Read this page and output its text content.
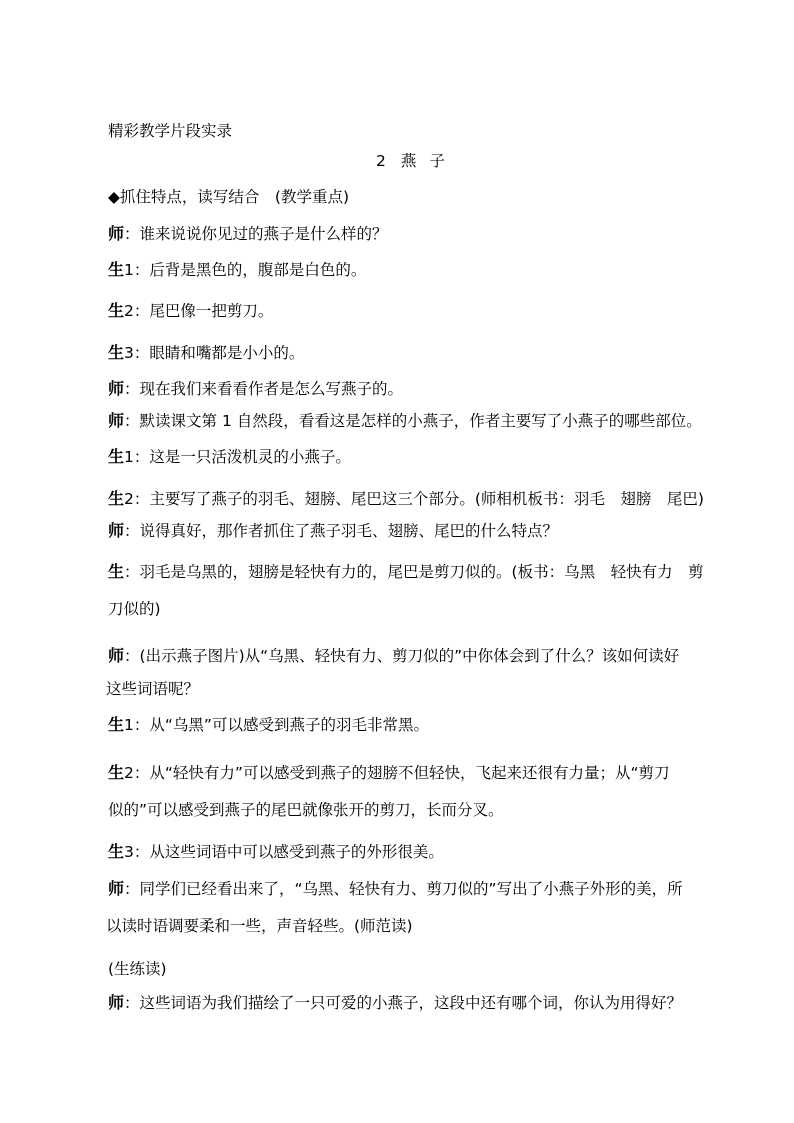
精彩教学片段实录
2 燕 子
◆抓住特点，读写结合　(教学重点)
师：谁来说说你见过的燕子是什么样的？
生1：后背是黑色的，腹部是白色的。
生2：尾巴像一把剪刀。
生3：眼睛和嘴都是小小的。
师：现在我们来看看作者是怎么写燕子的。
师：默读课文第 1 自然段，看看这是怎样的小燕子，作者主要写了小燕子的哪些部位。
生1：这是一只活泼机灵的小燕子。
生2：主要写了燕子的羽毛、翅膀、尾巴这三个部分。(师相机板书：羽毛　翅膀　尾巴)
师：说得真好，那作者抓住了燕子羽毛、翅膀、尾巴的什么特点？
生：羽毛是乌黑的，翅膀是轻快有力的，尾巴是剪刀似的。(板书：乌黑　轻快有力　剪
刀似的)
师：(出示燕子图片)从“乌黑、轻快有力、剪刀似的”中你体会到了什么？该如何读好
这些词语呢？
生1：从“乌黑”可以感受到燕子的羽毛非常黑。
生2：从“轻快有力”可以感受到燕子的翅膀不但轻快，飞起来还很有力量；从“剪刀
似的”可以感受到燕子的尾巴就像张开的剪刀，长而分叉。
生3：从这些词语中可以感受到燕子的外形很美。
师：同学们已经看出来了，“乌黑、轻快有力、剪刀似的”写出了小燕子外形的美，所
以读时语调要柔和一些，声音轻些。(师范读)
(生练读)
师：这些词语为我们描绘了一只可爱的小燕子，这段中还有哪个词，你认为用得好？
